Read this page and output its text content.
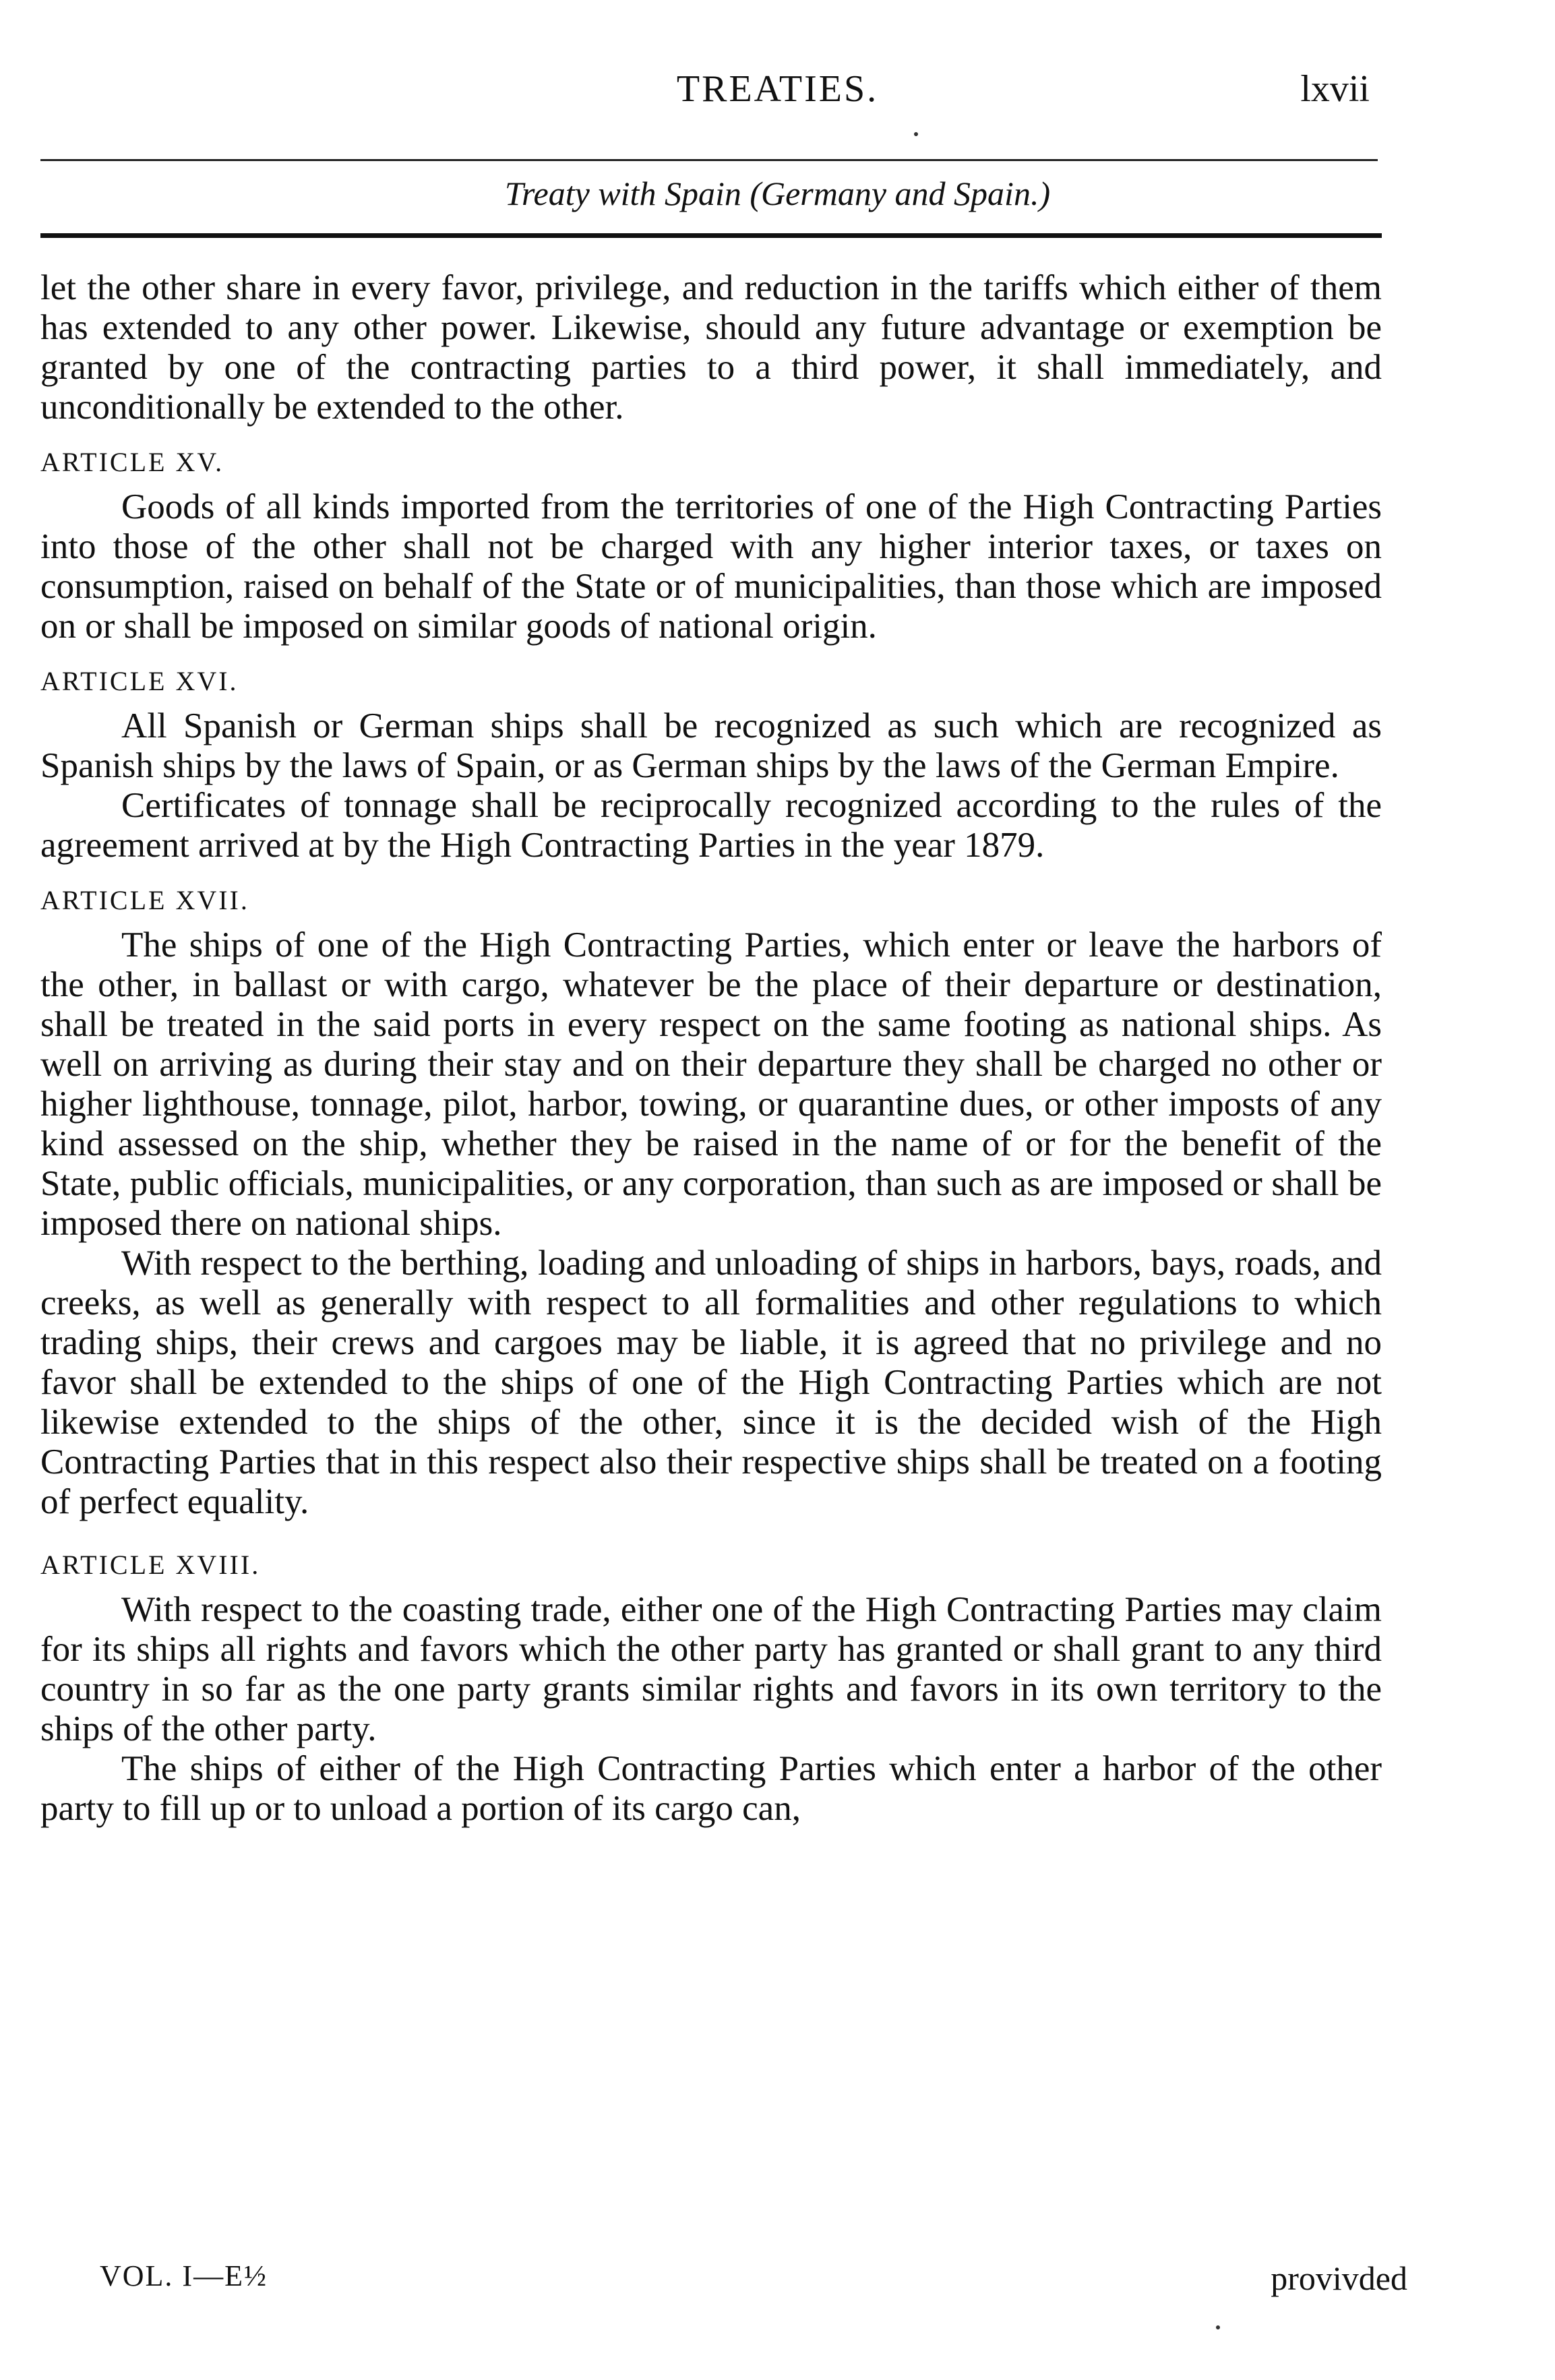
TREATIES.	lxvii
Treaty with Spain (Germany and Spain.)

let the other share in every favor, privilege, and reduction in the tariffs which either of them has extended to any other power. Likewise, should any future advantage or exemption be granted by one of the contracting parties to a third power, it shall immediately, and unconditionally be extended to the other.

ARTICLE XV.

Goods of all kinds imported from the territories of one of the High Contracting Parties into those of the other shall not be charged with any higher interior taxes, or taxes on consumption, raised on behalf of the State or of municipalities, than those which are imposed on or shall be imposed on similar goods of national origin.

ARTICLE XVI.

All Spanish or German ships shall be recognized as such which are recognized as Spanish ships by the laws of Spain, or as German ships by the laws of the German Empire.

Certificates of tonnage shall be reciprocally recognized according to the rules of the agreement arrived at by the High Contracting Parties in the year 1879.

ARTICLE XVII.

The ships of one of the High Contracting Parties, which enter or leave the harbors of the other, in ballast or with cargo, whatever be the place of their departure or destination, shall be treated in the said ports in every respect on the same footing as national ships. As well on arriving as during their stay and on their departure they shall be charged no other or higher lighthouse, tonnage, pilot, harbor, towing, or quarantine dues, or other imposts of any kind assessed on the ship, whether they be raised in the name of or for the benefit of the State, public officials, municipalities, or any corporation, than such as are imposed or shall be imposed there on national ships.

With respect to the berthing, loading and unloading of ships in harbors, bays, roads, and creeks, as well as generally with respect to all formalities and other regulations to which trading ships, their crews and cargoes may be liable, it is agreed that no privilege and no favor shall be extended to the ships of one of the High Contracting Parties which are not likewise extended to the ships of the other, since it is the decided wish of the High Contracting Parties that in this respect also their respective ships shall be treated on a footing of perfect equality.

ARTICLE XVIII.

With respect to the coasting trade, either one of the High Contracting Parties may claim for its ships all rights and favors which the other party has granted or shall grant to any third country in so far as the one party grants similar rights and favors in its own territory to the ships of the other party.

The ships of either of the High Contracting Parties which enter a harbor of the other party to fill up or to unload a portion of its cargo can,

VOL. I—E½	provivded
